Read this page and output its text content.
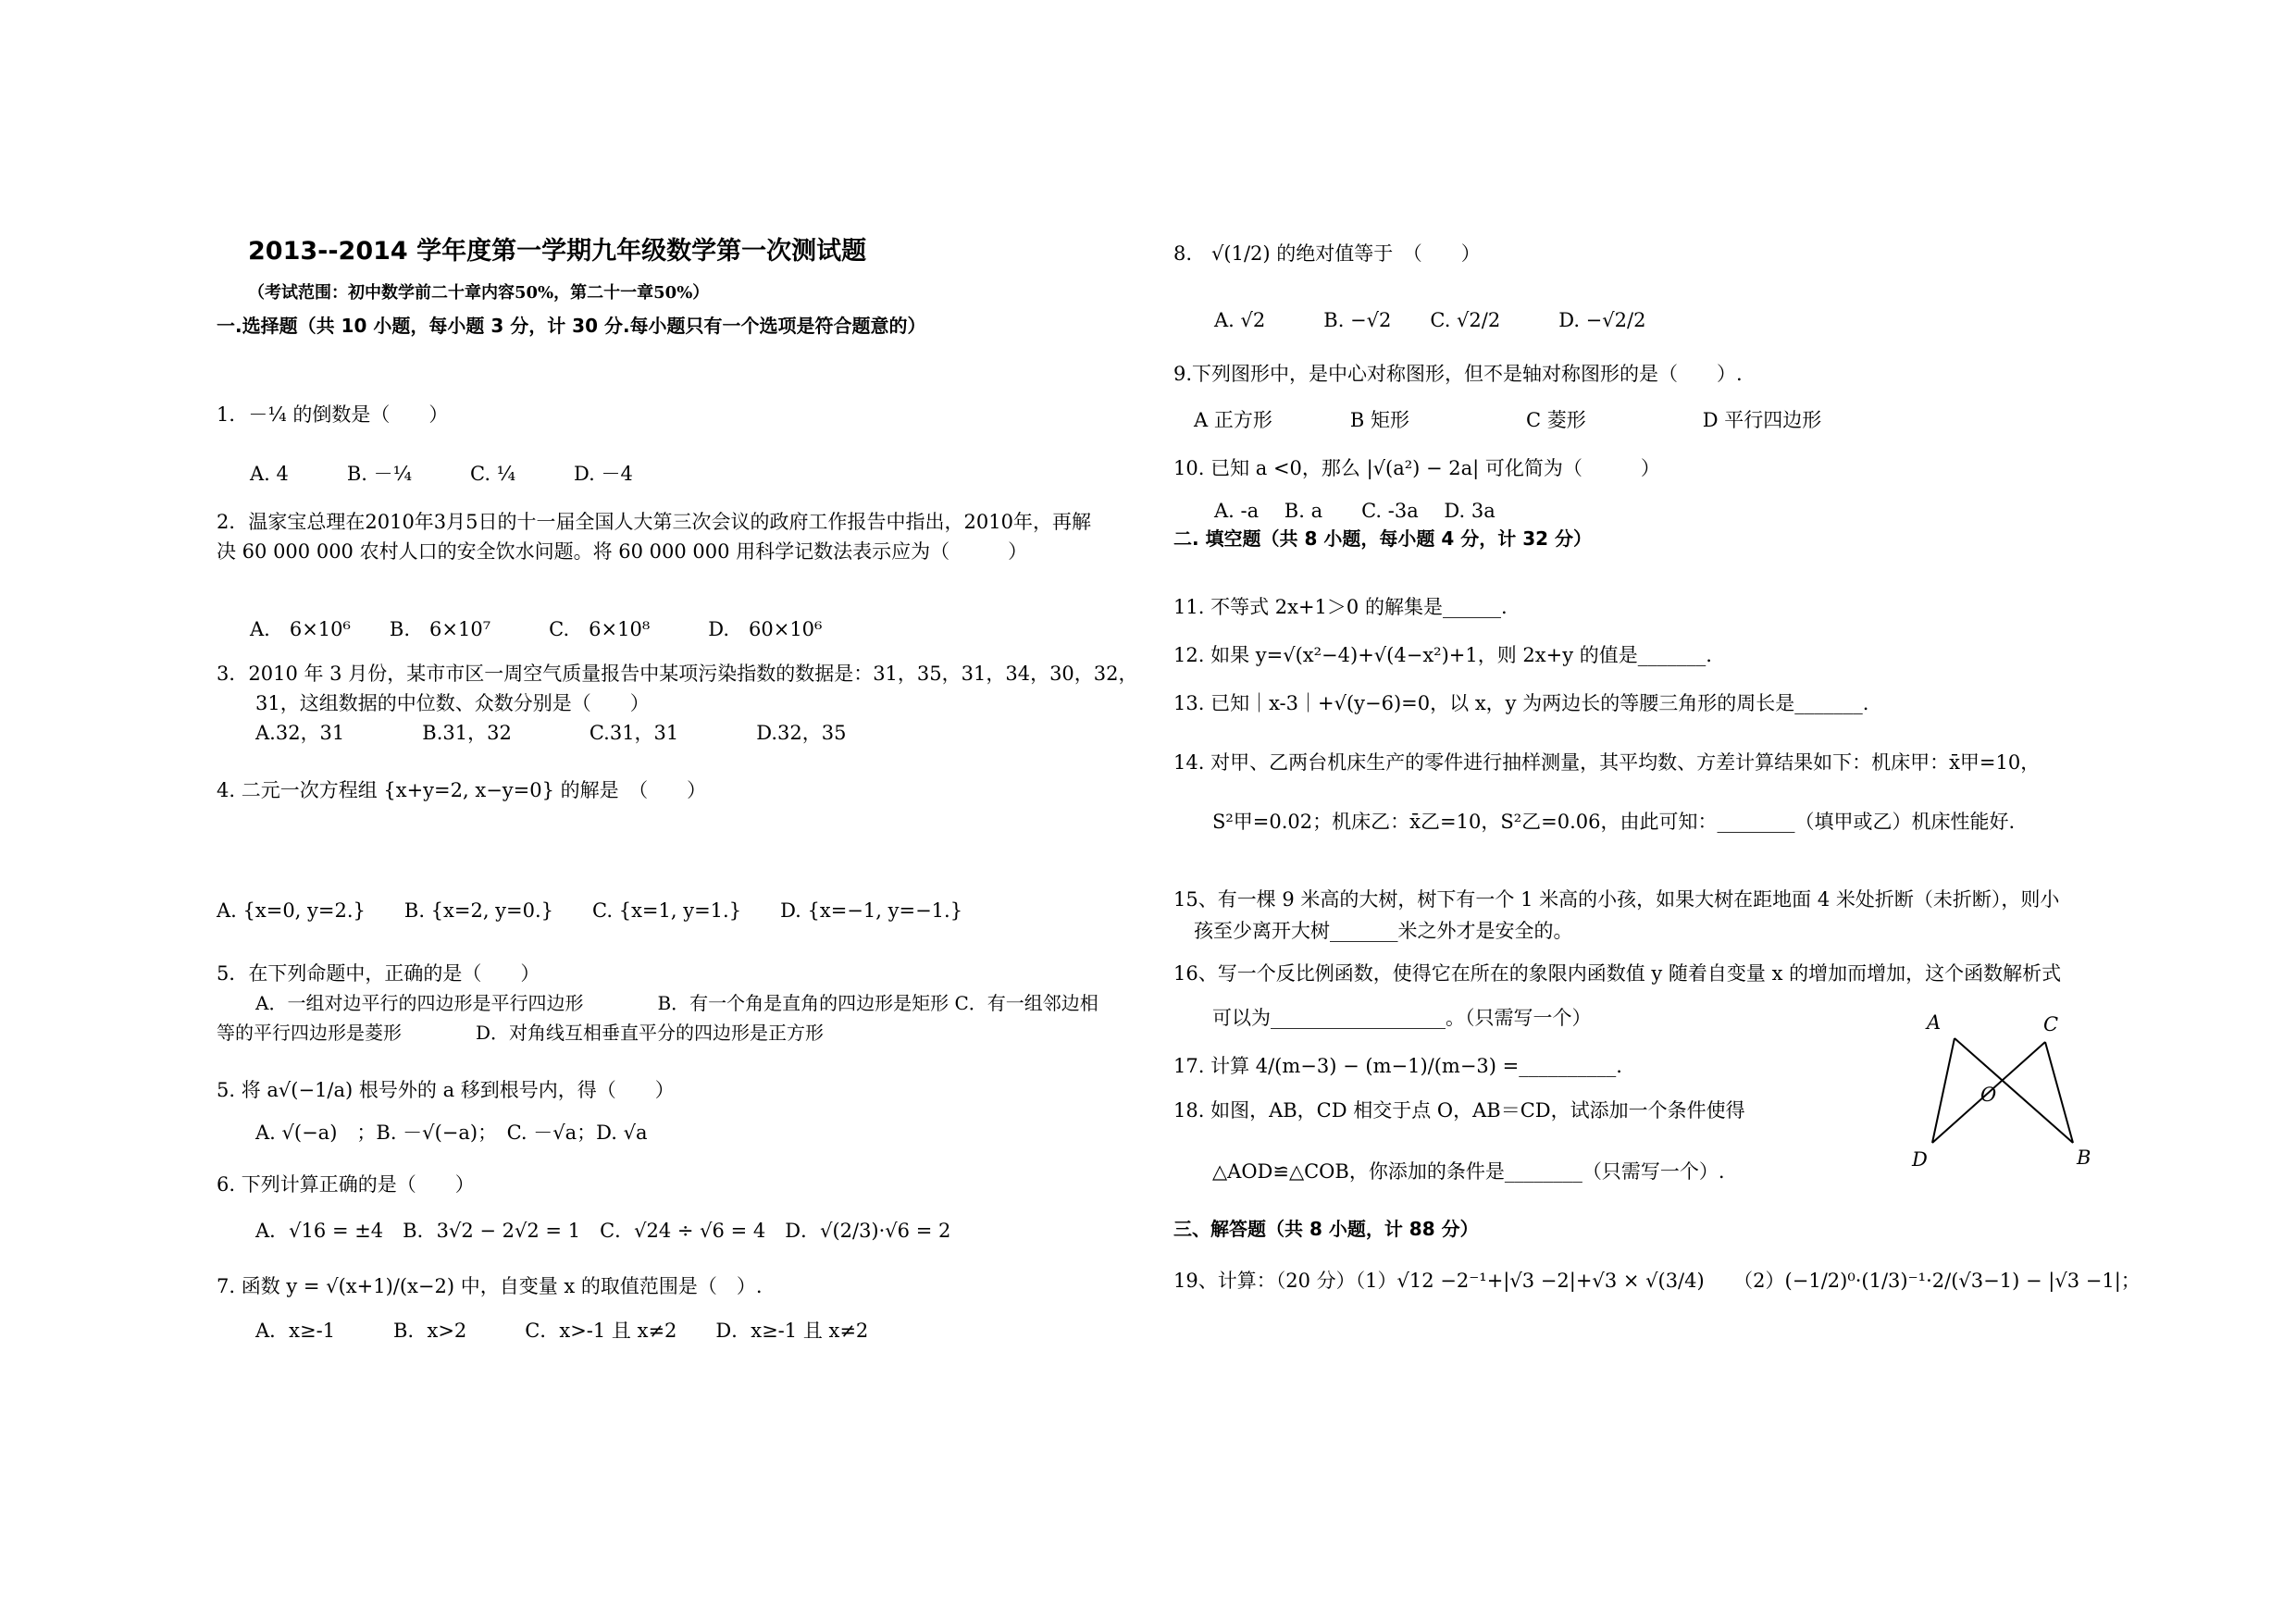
2013--2014 学年度第一学期九年级数学第一次测试题
（考试范围：初中数学前二十章内容50%，第二十一章50%）
一.选择题（共 10 小题，每小题 3 分，计 30 分.每小题只有一个选项是符合题意的）
1．－¹⁄₄ 的倒数是（　　）
A. 4　　　B. －¹⁄₄　　　C. ¹⁄₄　　　D. －4
2．温家宝总理在2010年3月5日的十一届全国人大第三次会议的政府工作报告中指出，2010年，再解
决 60 000 000 农村人口的安全饮水问题。将 60 000 000 用科学记数法表示应为（　　　）
A.　6×10⁶　　B.　6×10⁷　　　C.　6×10⁸　　　D.　60×10⁶
3．2010 年 3 月份，某市市区一周空气质量报告中某项污染指数的数据是：31，35，31，34，30，32，
31，这组数据的中位数、众数分别是（　　）
A.32，31　　　　B.31，32　　　　C.31，31　　　　D.32，35
4. 二元一次方程组 {x+y=2, x−y=0} 的解是　（　　）
A. {x=0, y=2.}　　B. {x=2, y=0.}　　C. {x=1, y=1.}　　D. {x=−1, y=−1.}
5．在下列命题中，正确的是（　　）
A．一组对边平行的四边形是平行四边形　　　　B．有一个角是直角的四边形是矩形 C．有一组邻边相
等的平行四边形是菱形　　　　D．对角线互相垂直平分的四边形是正方形
5. 将 a√(−1/a) 根号外的 a 移到根号内，得（　　）
A. √(−a)　；B. －√(−a)；　C. －√a；D. √a
6. 下列计算正确的是（　　）
A．√16 = ±4　B．3√2 − 2√2 = 1　C．√24 ÷ √6 = 4　D．√(2/3)·√6 = 2
7. 函数 y = √(x+1)/(x−2) 中，自变量 x 的取值范围是（　）.
A．x≥-1　　　B．x>2　　　C．x>-1 且 x≠2　　D．x≥-1 且 x≠2
8.　√(1/2) 的绝对值等于　（　　）
A. √2　　　B. −√2　　C. √2/2　　　D. −√2/2
9.下列图形中，是中心对称图形，但不是轴对称图形的是（　　）.
A 正方形　　　　B 矩形　　　　　　C 菱形　　　　　　D 平行四边形
10. 已知 a <0，那么 |√(a²) − 2a| 可化简为（　　　）
A. -a　 B. a　　C. -3a　 D. 3a
二. 填空题（共 8 小题，每小题 4 分，计 32 分）
11. 不等式 2x+1＞0 的解集是______.
12. 如果 y=√(x²−4)+√(4−x²)+1，则 2x+y 的值是_______.
13. 已知｜x-3｜+√(y−6)=0，以 x，y 为两边长的等腰三角形的周长是_______.
14. 对甲、乙两台机床生产的零件进行抽样测量，其平均数、方差计算结果如下：机床甲：x̄甲=10，
S²甲=0.02；机床乙：x̄乙=10，S²乙=0.06，由此可知：________（填甲或乙）机床性能好.
15、有一棵 9 米高的大树，树下有一个 1 米高的小孩，如果大树在距地面 4 米处折断（未折断），则小
孩至少离开大树_______米之外才是安全的。
16、写一个反比例函数，使得它在所在的象限内函数值 y 随着自变量 x 的增加而增加，这个函数解析式
可以为__________________。（只需写一个）
17. 计算 4/(m−3) − (m−1)/(m−3) =__________.
18. 如图，AB，CD 相交于点 O，AB＝CD，试添加一个条件使得
△AOD≌△COB，你添加的条件是________（只需写一个）.
A	C
O
D	B
三、解答题（共 8 小题，计 88 分）
19、计算：（20 分）（1）√12 −2⁻¹+|√3 −2|+√3 × √(3/4)　　（2）(−1/2)⁰·(1/3)⁻¹·2/(√3−1) − |√3 −1|；
